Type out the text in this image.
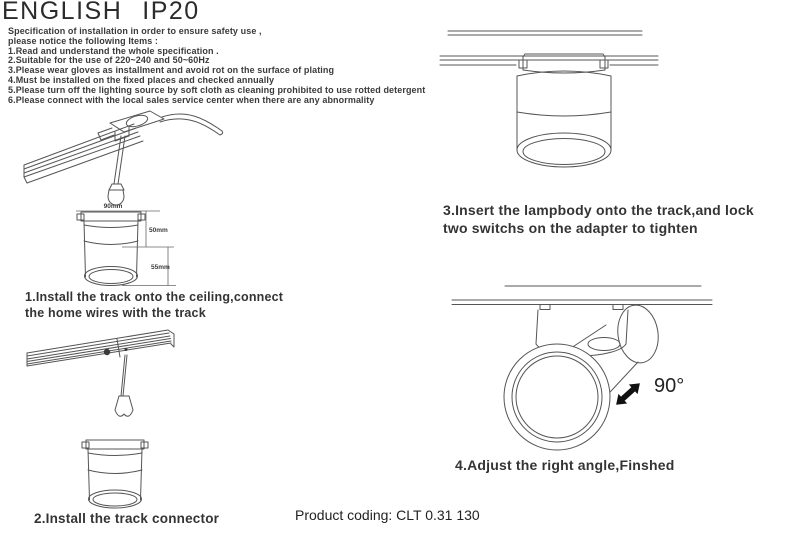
ENGLISH IP20
Specification of installation in order to ensure safety use ,
please notice the following Items :
1.Read and understand the whole specification .
2.Suitable for the use of 220~240 and 50~60Hz
3.Please wear gloves as installment and avoid rot on the surface of plating
4.Must be installed on the fixed places and checked annually
5.Please turn off the lighting source by soft cloth as cleaning prohibited to use rotted detergent
6.Please connect with the local sales service center when there are any abnormality
90mm
50mm
55mm
1.Install the track onto the ceiling,connect
the home wires with the track
2.Install the track connector
3.Insert the lampbody onto the track,and lock
two switchs on the adapter to tighten
90°
4.Adjust the right angle,Finshed
Product coding: CLT 0.31 130
